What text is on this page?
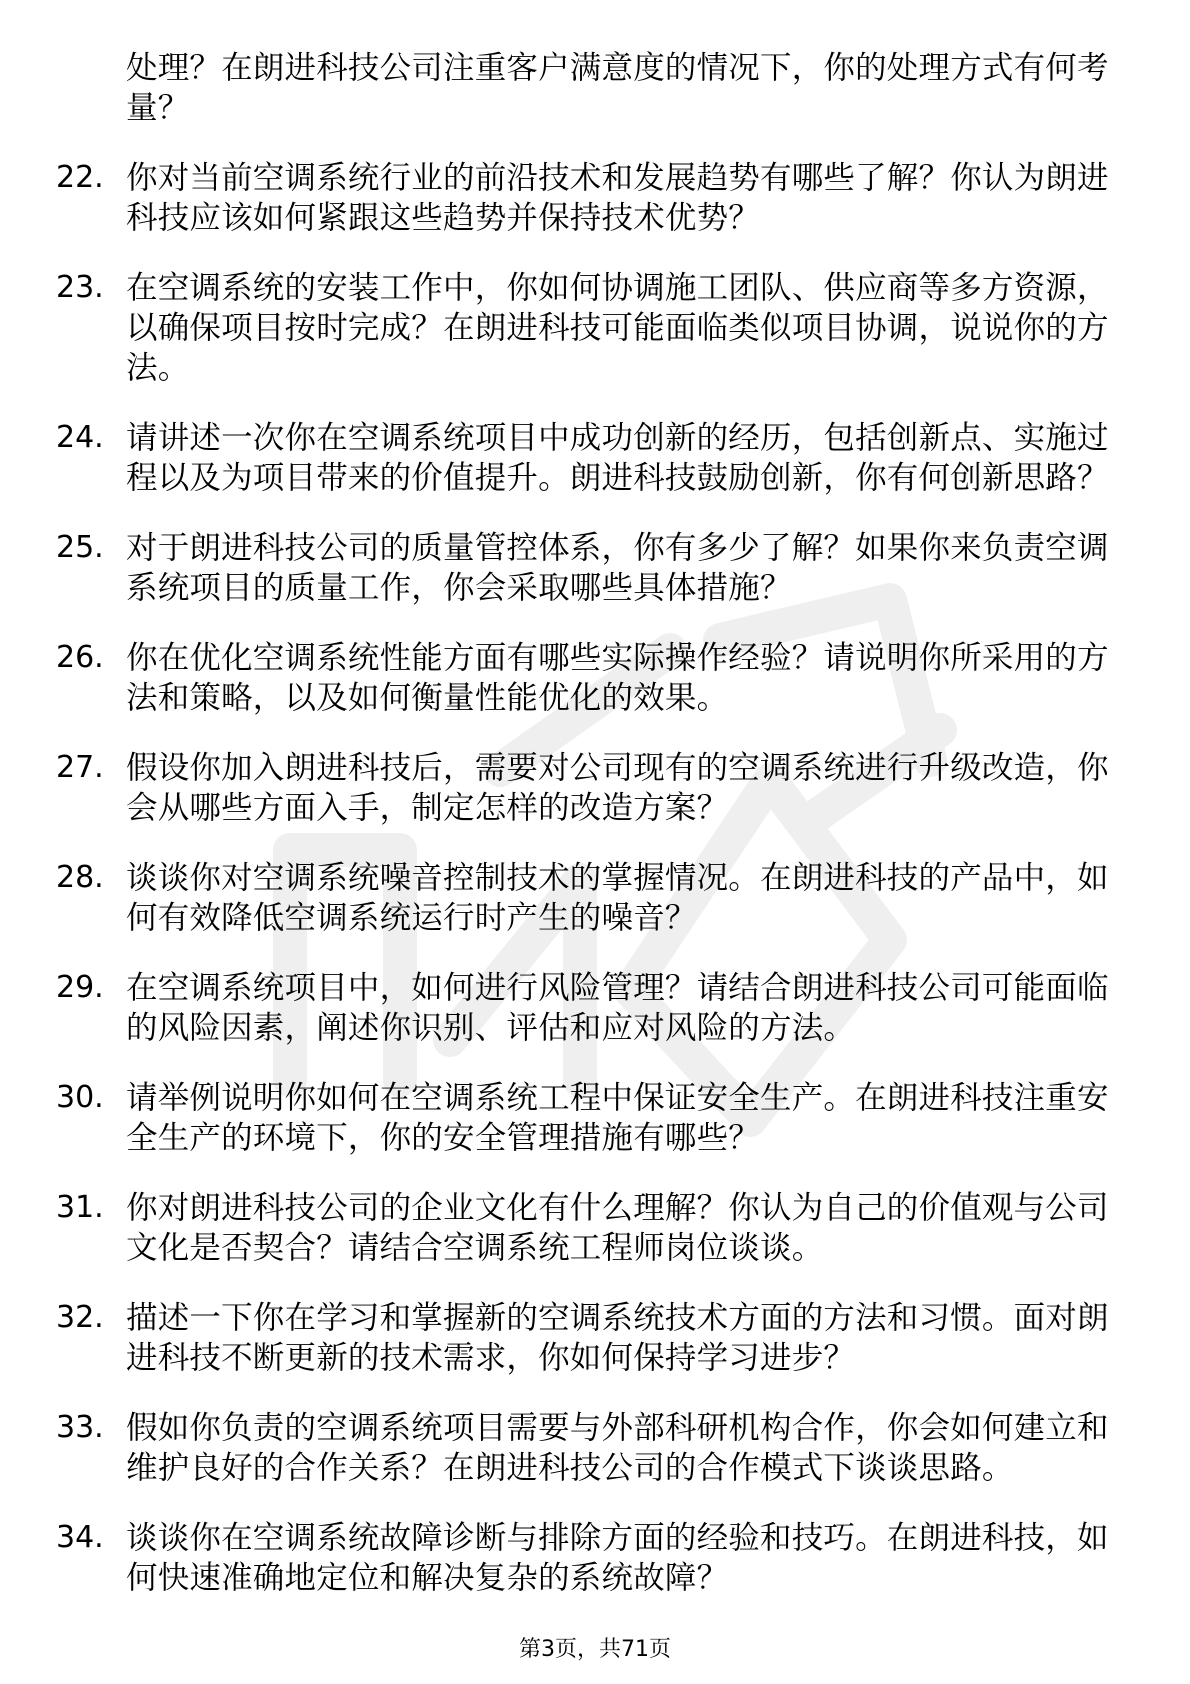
处理？在朗进科技公司注重客户满意度的情况下，你的处理方式有何考量？
22. 你对当前空调系统行业的前沿技术和发展趋势有哪些了解？你认为朗进科技应该如何紧跟这些趋势并保持技术优势？
23. 在空调系统的安装工作中，你如何协调施工团队、供应商等多方资源，以确保项目按时完成？在朗进科技可能面临类似项目协调，说说你的方法。
24. 请讲述一次你在空调系统项目中成功创新的经历，包括创新点、实施过程以及为项目带来的价值提升。朗进科技鼓励创新，你有何创新思路？
25. 对于朗进科技公司的质量管控体系，你有多少了解？如果你来负责空调系统项目的质量工作，你会采取哪些具体措施？
26. 你在优化空调系统性能方面有哪些实际操作经验？请说明你所采用的方法和策略，以及如何衡量性能优化的效果。
27. 假设你加入朗进科技后，需要对公司现有的空调系统进行升级改造，你会从哪些方面入手，制定怎样的改造方案？
28. 谈谈你对空调系统噪音控制技术的掌握情况。在朗进科技的产品中，如何有效降低空调系统运行时产生的噪音？
29. 在空调系统项目中，如何进行风险管理？请结合朗进科技公司可能面临的风险因素，阐述你识别、评估和应对风险的方法。
30. 请举例说明你如何在空调系统工程中保证安全生产。在朗进科技注重安全生产的环境下，你的安全管理措施有哪些？
31. 你对朗进科技公司的企业文化有什么理解？你认为自己的价值观与公司文化是否契合？请结合空调系统工程师岗位谈谈。
32. 描述一下你在学习和掌握新的空调系统技术方面的方法和习惯。面对朗进科技不断更新的技术需求，你如何保持学习进步？
33. 假如你负责的空调系统项目需要与外部科研机构合作，你会如何建立和维护良好的合作关系？在朗进科技公司的合作模式下谈谈思路。
34. 谈谈你在空调系统故障诊断与排除方面的经验和技巧。在朗进科技，如何快速准确地定位和解决复杂的系统故障？
第3页，共71页
